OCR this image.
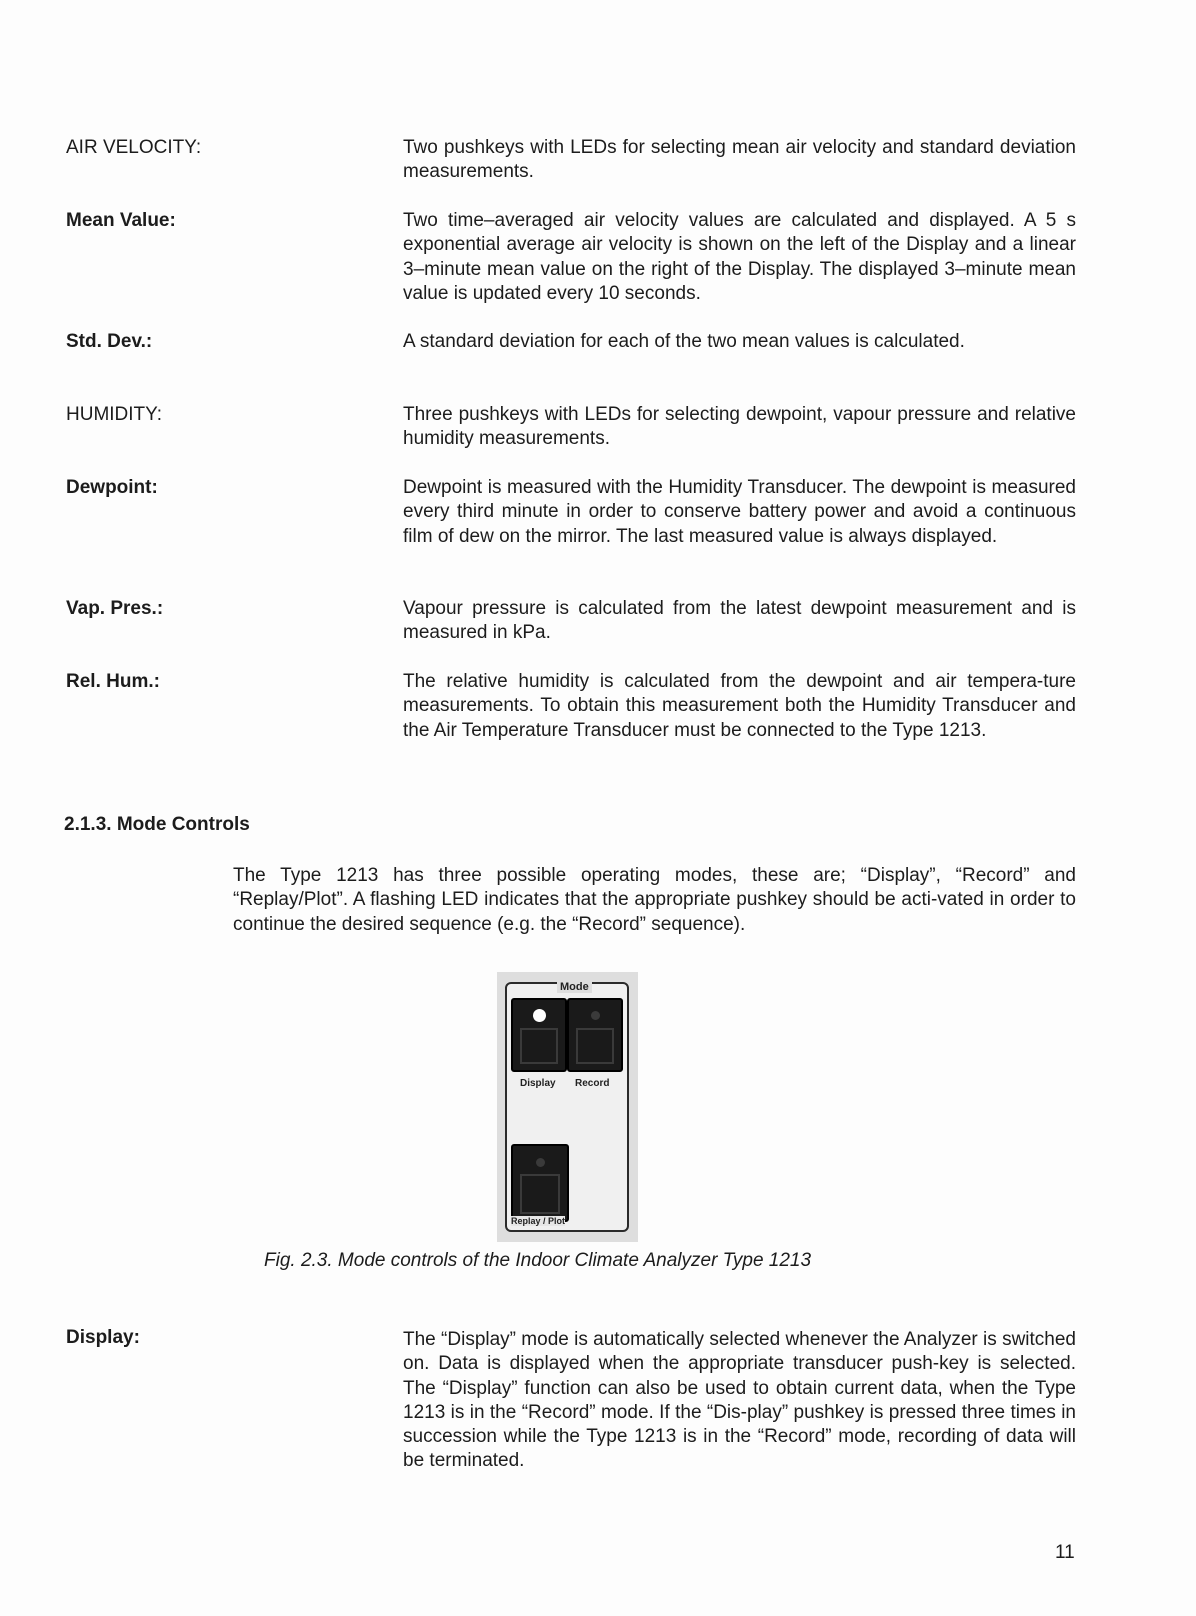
AIR VELOCITY:	Two pushkeys with LEDs for selecting mean air velocity and standard deviation measurements.

Mean Value:	Two time–averaged air velocity values are calculated and displayed. A 5 s exponential average air velocity is shown on the left of the Display and a linear 3–minute mean value on the right of the Display. The displayed 3–minute mean value is updated every 10 seconds.

Std. Dev.:	A standard deviation for each of the two mean values is calculated.

HUMIDITY:	Three pushkeys with LEDs for selecting dewpoint, vapour pressure and relative humidity measurements.

Dewpoint:	Dewpoint is measured with the Humidity Transducer. The dewpoint is measured every third minute in order to conserve battery power and avoid a continuous film of dew on the mirror. The last measured value is always displayed.

Vap. Pres.:	Vapour pressure is calculated from the latest dewpoint measurement and is measured in kPa.

Rel. Hum.:	The relative humidity is calculated from the dewpoint and air tempera-ture measurements. To obtain this measurement both the Humidity Transducer and the Air Temperature Transducer must be connected to the Type 1213.

2.1.3. Mode Controls
The Type 1213 has three possible operating modes, these are; “Display”, “Record” and “Replay/Plot”. A flashing LED indicates that the appropriate pushkey should be acti-vated in order to continue the desired sequence (e.g. the “Record” sequence).
Mode
Display Record
Replay / Plot
Fig. 2.3. Mode controls of the Indoor Climate Analyzer Type 1213
Display:	The “Display” mode is automatically selected whenever the Analyzer is switched on. Data is displayed when the appropriate transducer push-key is selected. The “Display” function can also be used to obtain current data, when the Type 1213 is in the “Record” mode. If the “Dis-play” pushkey is pressed three times in succession while the Type 1213 is in the “Record” mode, recording of data will be terminated.

11
